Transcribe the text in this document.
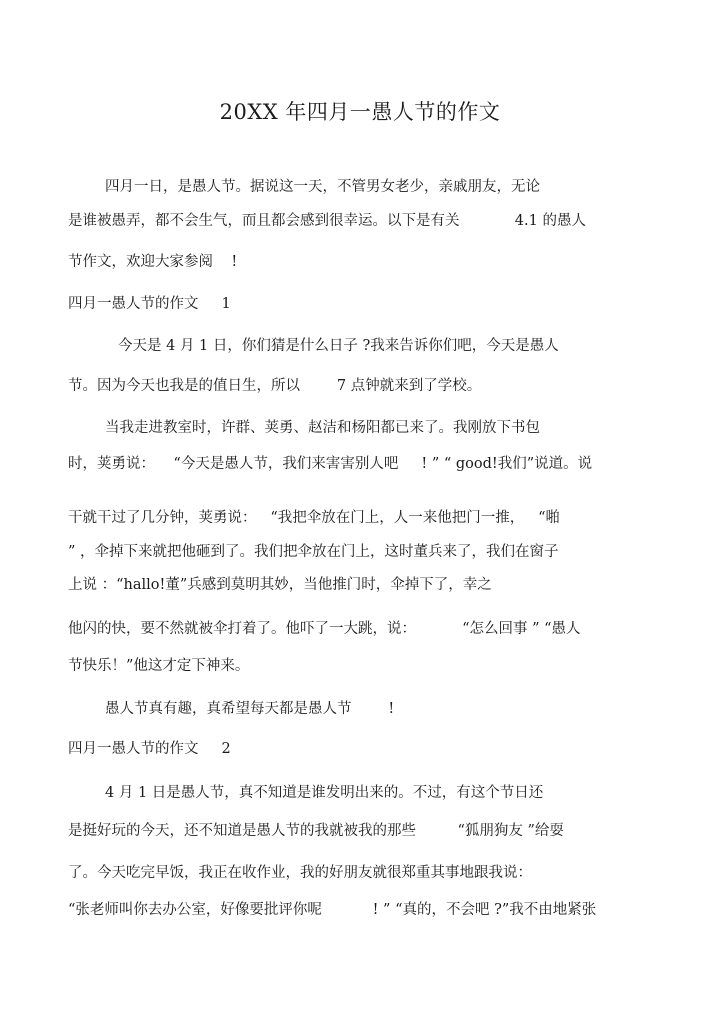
20XX 年四月一愚人节的作文
四月一日，是愚人节。据说这一天，不管男女老少，亲戚朋友，无论
是谁被愚弄，都不会生气，而且都会感到很幸运。以下是有关            4.1 的愚人
节作文，欢迎大家参阅    !
四月一愚人节的作文     1
今天是 4 月 1 日，你们猜是什么日子 ?我来告诉你们吧，今天是愚人
节。因为今天也我是的值日生，所以        7 点钟就来到了学校。
当我走进教室时，许群、荚勇、赵洁和杨阳都已来了。我刚放下书包
时，荚勇说：    “今天是愚人节，我们来害害别人吧     ! ” “ good!我们”说道。说
干就干过了几分钟，荚勇说：   “我把伞放在门上，人一来他把门一推，   “啪
” ，伞掉下来就把他砸到了。我们把伞放在门上，这时董兵来了，我们在窗子
上说 ：“hallo!董”兵感到莫明其妙，当他推门时，伞掉下了，幸之
他闪的快，要不然就被伞打着了。他吓了一大跳，说：          “怎么回事 ” “愚人
节快乐！”他这才定下神来。
愚人节真有趣，真希望每天都是愚人节        !
四月一愚人节的作文     2
4 月 1 日是愚人节，真不知道是谁发明出来的。不过，有这个节日还
是挺好玩的今天，还不知道是愚人节的我就被我的那些         “狐朋狗友 ”给耍
了。今天吃完早饭，我正在收作业，我的好朋友就很郑重其事地跟我说：
“张老师叫你去办公室，好像要批评你呢           ! ” “真的，不会吧 ?”我不由地紧张
